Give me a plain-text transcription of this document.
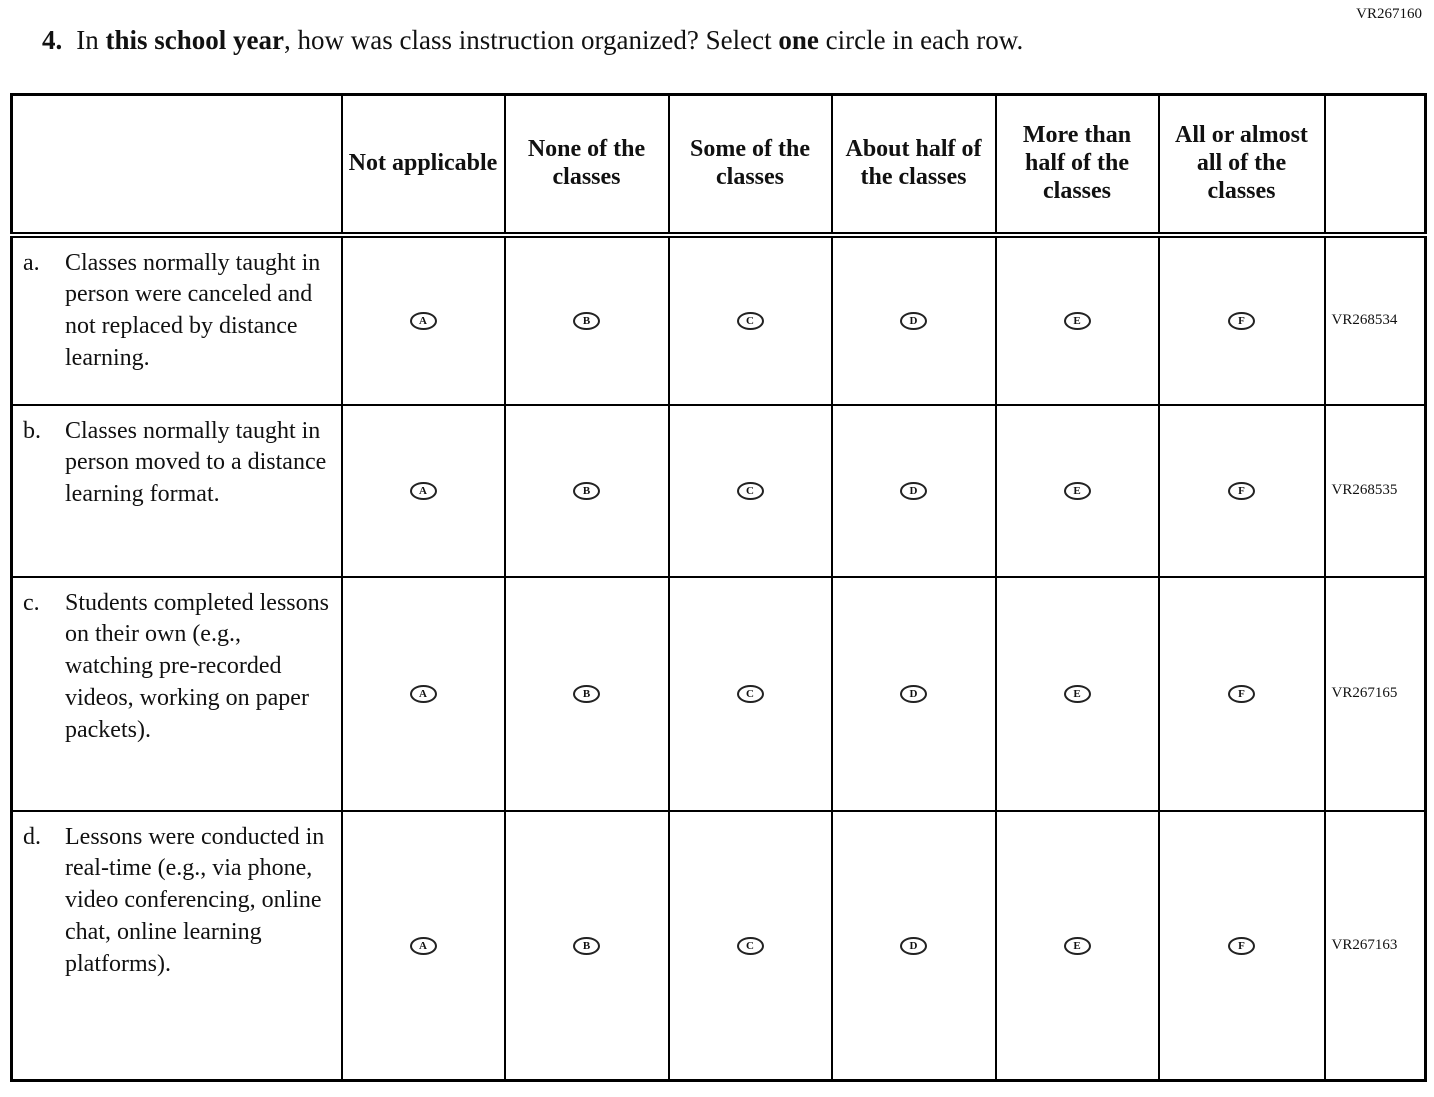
VR267160
4. In this school year, how was class instruction organized? Select one circle in each row.
	Not applicable	None of the classes	Some of the classes	About half of the classes	More than half of the classes	All or almost all of the classes	

a. Classes normally taught in person were canceled and not replaced by distance learning.	A	B	C	D	E	F	VR268534

b. Classes normally taught in person moved to a distance learning format.	A	B	C	D	E	F	VR268535

c. Students completed lessons on their own (e.g., watching pre-recorded videos, working on paper packets).	A	B	C	D	E	F	VR267165

d. Lessons were conducted in real-time (e.g., via phone, video conferencing, online chat, online learning platforms).	A	B	C	D	E	F	VR267163
